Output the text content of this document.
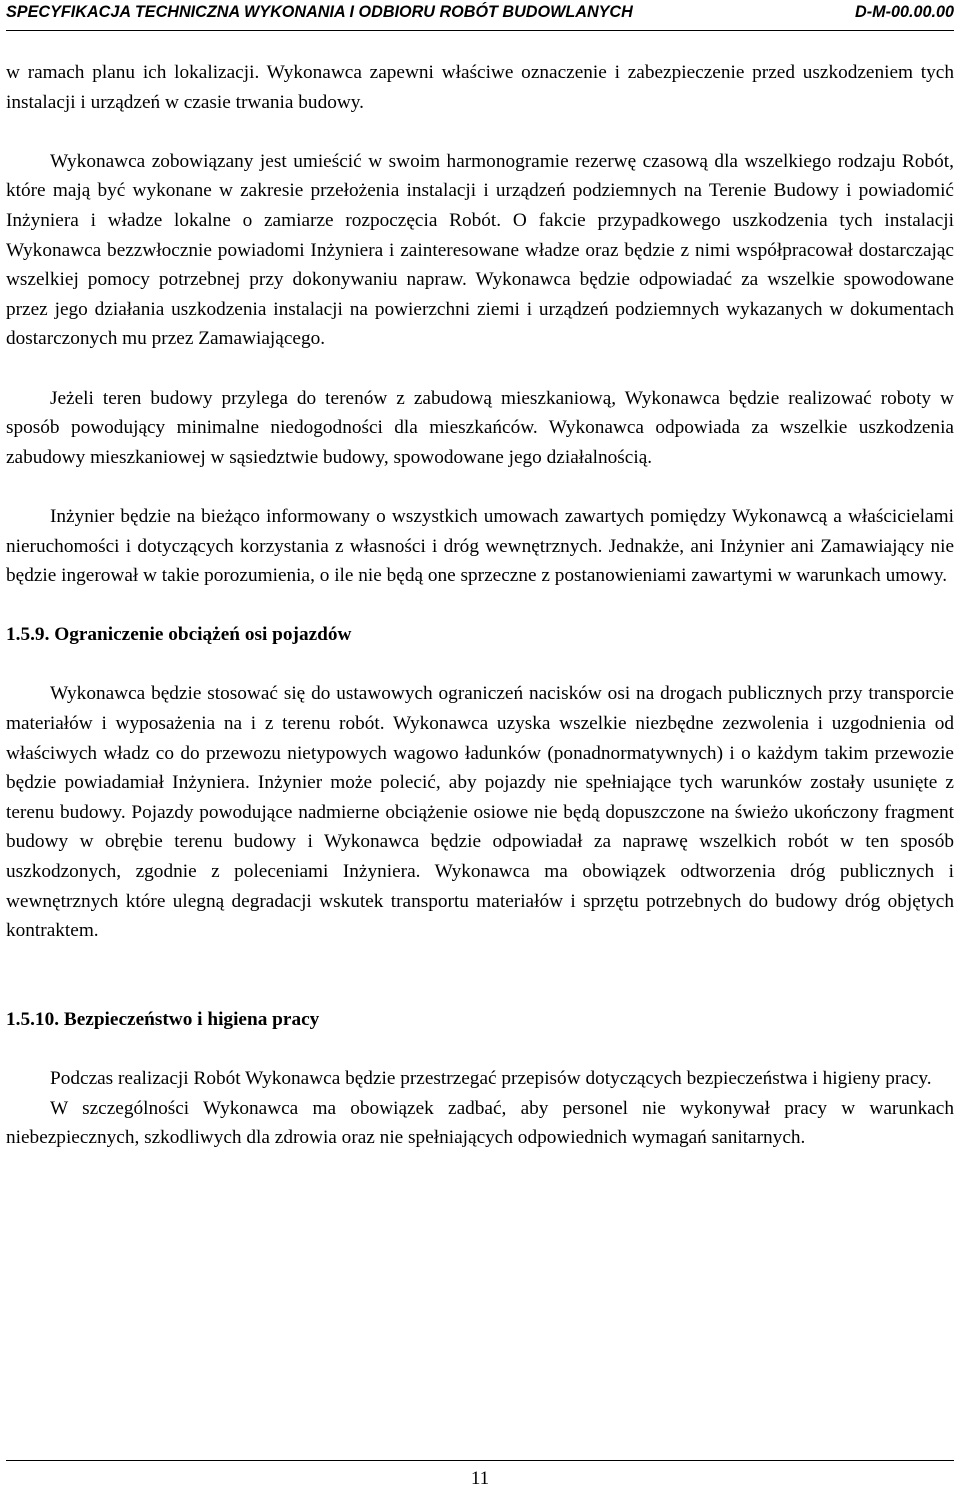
SPECYFIKACJA TECHNICZNA WYKONANIA I ODBIORU ROBÓT BUDOWLANYCH	D-M-00.00.00

w ramach planu ich lokalizacji. Wykonawca zapewni właściwe oznaczenie i zabezpieczenie przed uszkodzeniem tych instalacji i urządzeń w czasie trwania budowy.

Wykonawca zobowiązany jest umieścić w swoim harmonogramie rezerwę czasową dla wszelkiego rodzaju Robót, które mają być wykonane w zakresie przełożenia instalacji i urządzeń podziemnych na Terenie Budowy i powiadomić Inżyniera i władze lokalne o zamiarze rozpoczęcia Robót. O fakcie przypadkowego uszkodzenia tych instalacji Wykonawca bezzwłocznie powiadomi Inżyniera i zainteresowane władze oraz będzie z nimi współpracował dostarczając wszelkiej pomocy potrzebnej przy dokonywaniu napraw. Wykonawca będzie odpowiadać za wszelkie spowodowane przez jego działania uszkodzenia instalacji na powierzchni ziemi i urządzeń podziemnych wykazanych w dokumentach dostarczonych mu przez Zamawiającego.

Jeżeli teren budowy przylega do terenów z zabudową mieszkaniową, Wykonawca będzie realizować roboty w sposób powodujący minimalne niedogodności dla mieszkańców. Wykonawca odpowiada za wszelkie uszkodzenia zabudowy mieszkaniowej w sąsiedztwie budowy, spowodowane jego działalnością.

Inżynier będzie na bieżąco informowany o wszystkich umowach zawartych pomiędzy Wykonawcą a właścicielami nieruchomości i dotyczących korzystania z własności i dróg wewnętrznych. Jednakże, ani Inżynier ani Zamawiający nie będzie ingerował w takie porozumienia, o ile nie będą one sprzeczne z postanowieniami zawartymi w warunkach umowy.

1.5.9. Ograniczenie obciążeń osi pojazdów

Wykonawca będzie stosować się do ustawowych ograniczeń nacisków osi na drogach publicznych przy transporcie materiałów i wyposażenia na i z terenu robót. Wykonawca uzyska wszelkie niezbędne zezwolenia i uzgodnienia od właściwych władz co do przewozu nietypowych wagowo ładunków (ponadnormatywnych) i o każdym takim przewozie będzie powiadamiał Inżyniera. Inżynier może polecić, aby pojazdy nie spełniające tych warunków zostały usunięte z terenu budowy. Pojazdy powodujące nadmierne obciążenie osiowe nie będą dopuszczone na świeżo ukończony fragment budowy w obrębie terenu budowy i Wykonawca będzie odpowiadał za naprawę wszelkich robót w ten sposób uszkodzonych, zgodnie z poleceniami Inżyniera. Wykonawca ma obowiązek odtworzenia dróg publicznych i wewnętrznych które ulegną degradacji wskutek transportu materiałów i sprzętu potrzebnych do budowy dróg objętych kontraktem.

1.5.10. Bezpieczeństwo i higiena pracy

Podczas realizacji Robót Wykonawca będzie przestrzegać przepisów dotyczących bezpieczeństwa i higieny pracy.

W szczególności Wykonawca ma obowiązek zadbać, aby personel nie wykonywał pracy w warunkach niebezpiecznych, szkodliwych dla zdrowia oraz nie spełniających odpowiednich wymagań sanitarnych.

11
